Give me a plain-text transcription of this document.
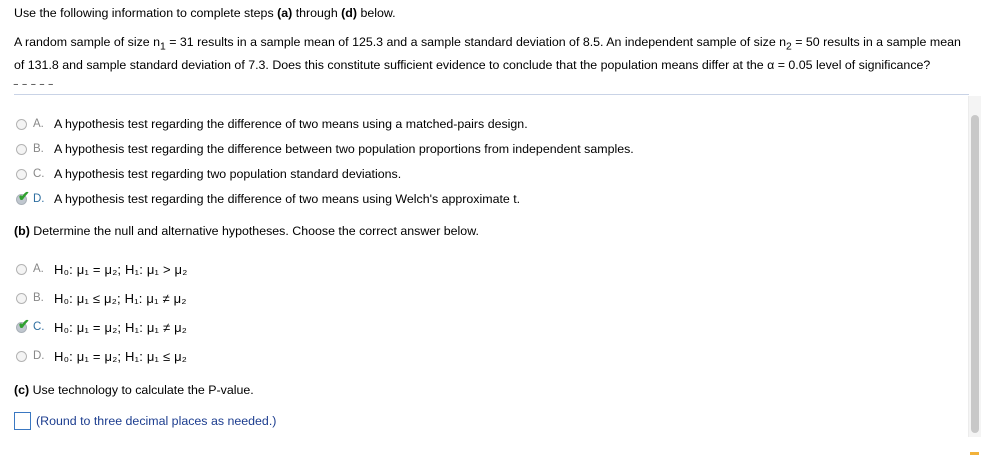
Use the following information to complete steps (a) through (d) below.
A random sample of size $n_1 = 31$ results in a sample mean of 125.3 and a sample standard deviation of 8.5. An independent sample of size $n_2 = 50$ results in a sample mean of 131.8 and sample standard deviation of 7.3. Does this constitute sufficient evidence to conclude that the population means differ at the α = 0.05 level of significance?
‾ ‾ ‾ ‾ ‾
A. A hypothesis test regarding the difference of two means using a matched-pairs design.
B. A hypothesis test regarding the difference between two population proportions from independent samples.
C. A hypothesis test regarding two population standard deviations.
✔ D. A hypothesis test regarding the difference of two means using Welch's approximate t.
(b) Determine the null and alternative hypotheses. Choose the correct answer below.
A. H₀: μ₁ = μ₂; H₁: μ₁ > μ₂
B. H₀: μ₁ ≤ μ₂; H₁: μ₁ ≠ μ₂
✔ C. H₀: μ₁ = μ₂; H₁: μ₁ ≠ μ₂
D. H₀: μ₁ = μ₂; H₁: μ₁ ≤ μ₂
(c) Use technology to calculate the P-value.
(Round to three decimal places as needed.)
